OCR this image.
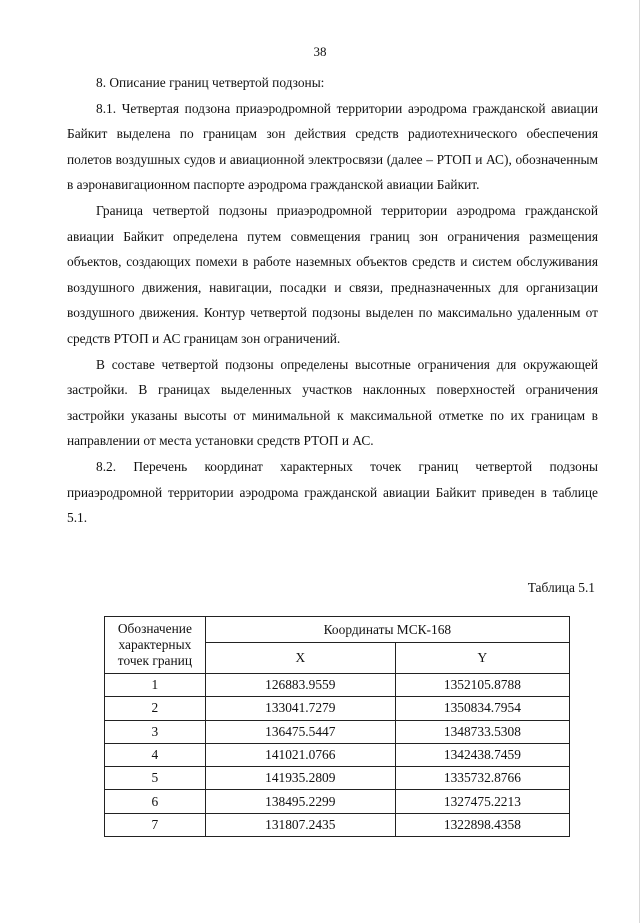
38

8. Описание границ четвертой подзоны:

8.1. Четвертая подзона приаэродромной территории аэродрома гражданской авиации Байкит выделена по границам зон действия средств радиотехнического обеспечения полетов воздушных судов и авиационной электросвязи (далее – РТОП и АС), обозначенным в аэронавигационном паспорте аэродрома гражданской авиации Байкит.

Граница четвертой подзоны приаэродромной территории аэродрома гражданской авиации Байкит определена путем совмещения границ зон ограничения размещения объектов, создающих помехи в работе наземных объектов средств и систем обслуживания воздушного движения, навигации, посадки и связи, предназначенных для организации воздушного движения. Контур четвертой подзоны выделен по максимально удаленным от средств РТОП и АС границам зон ограничений.

В составе четвертой подзоны определены высотные ограничения для окружающей застройки. В границах выделенных участков наклонных поверхностей ограничения застройки указаны высоты от минимальной к максимальной отметке по их границам в направлении от места установки средств РТОП и АС.

8.2. Перечень координат характерных точек границ четвертой подзоны приаэродромной территории аэродрома гражданской авиации Байкит приведен в таблице 5.1.

Таблица 5.1
Обозначение характерных точек границ	Координаты МСК-168	
	X	Y
1	126883.9559	1352105.8788
2	133041.7279	1350834.7954
3	136475.5447	1348733.5308
4	141021.0766	1342438.7459
5	141935.2809	1335732.8766
6	138495.2299	1327475.2213
7	131807.2435	1322898.4358
